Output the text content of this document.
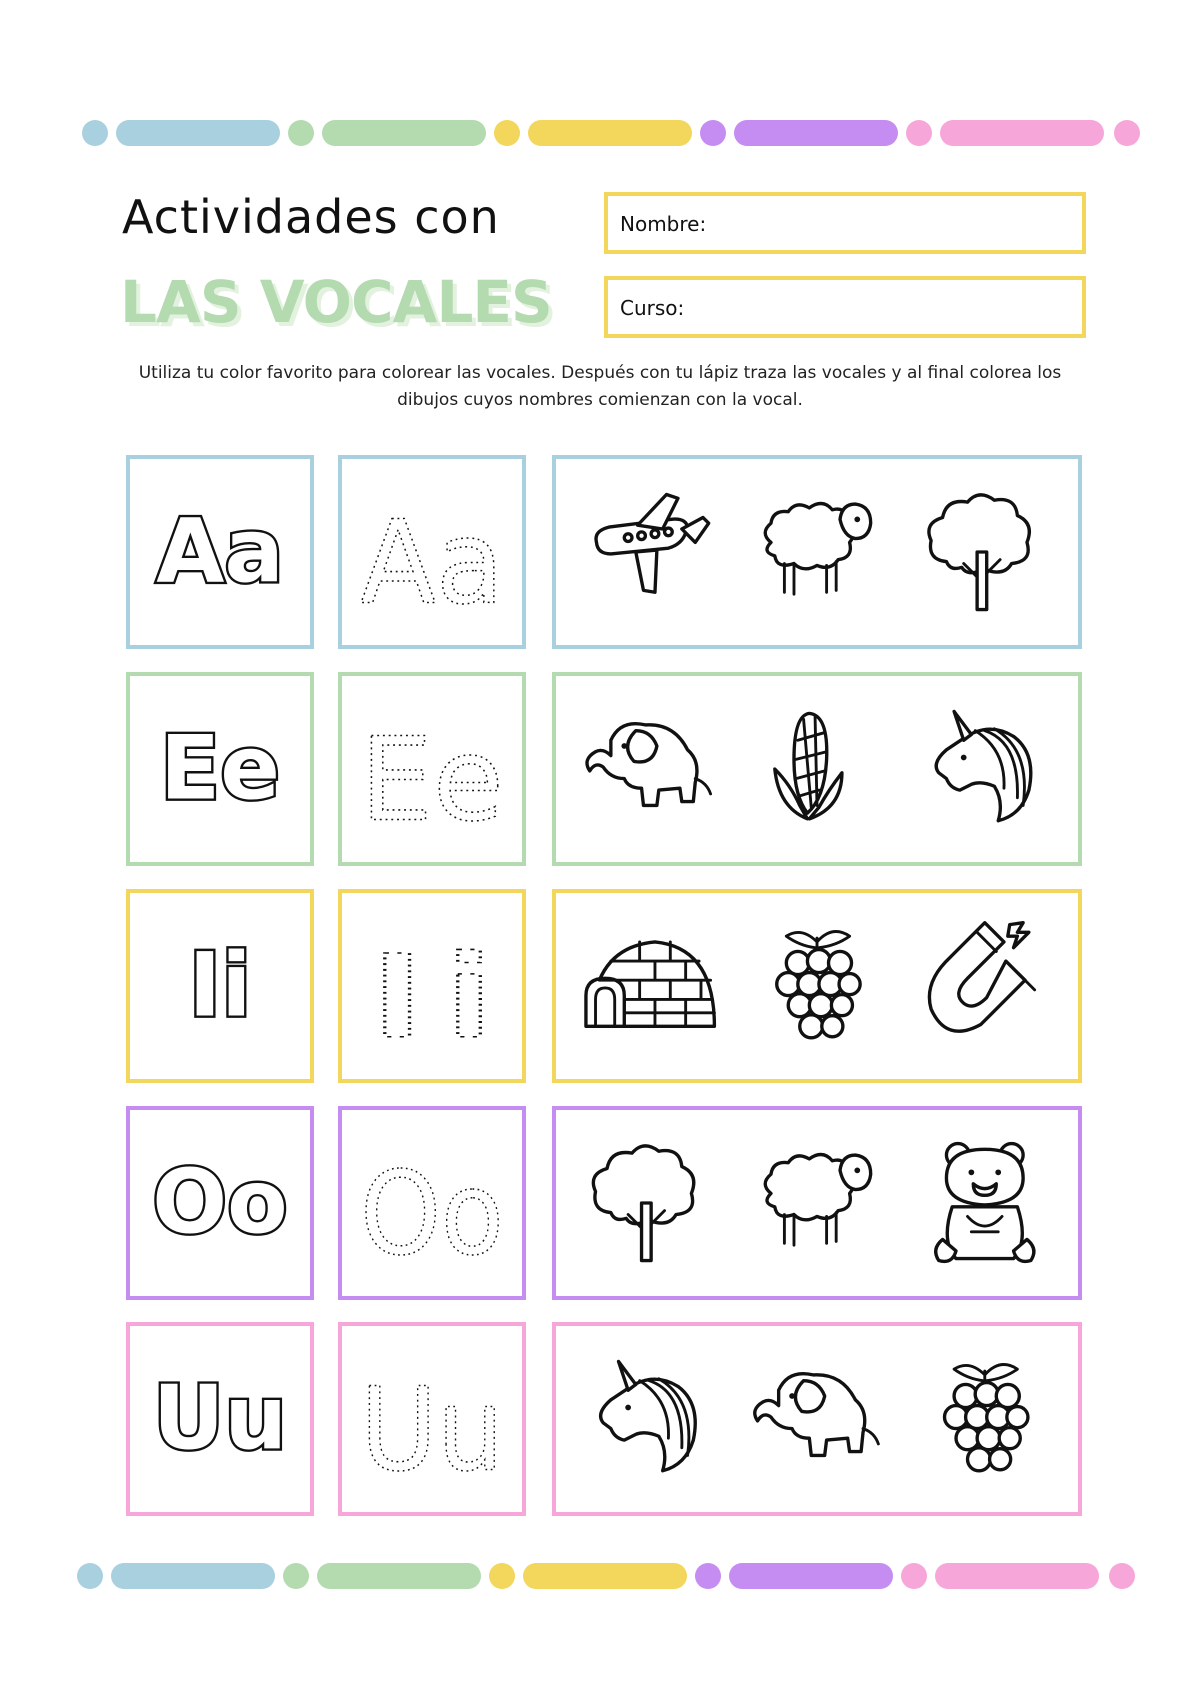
Actividades con
LAS VOCALES
Nombre:
Curso:
Utiliza tu color favorito para colorear las vocales. Después con tu lápiz traza las vocales y al final colorea los dibujos cuyos nombres comienzan con la vocal.
Aa Aa
Ee Ee
Ii Ii
Oo Oo
Uu Uu
